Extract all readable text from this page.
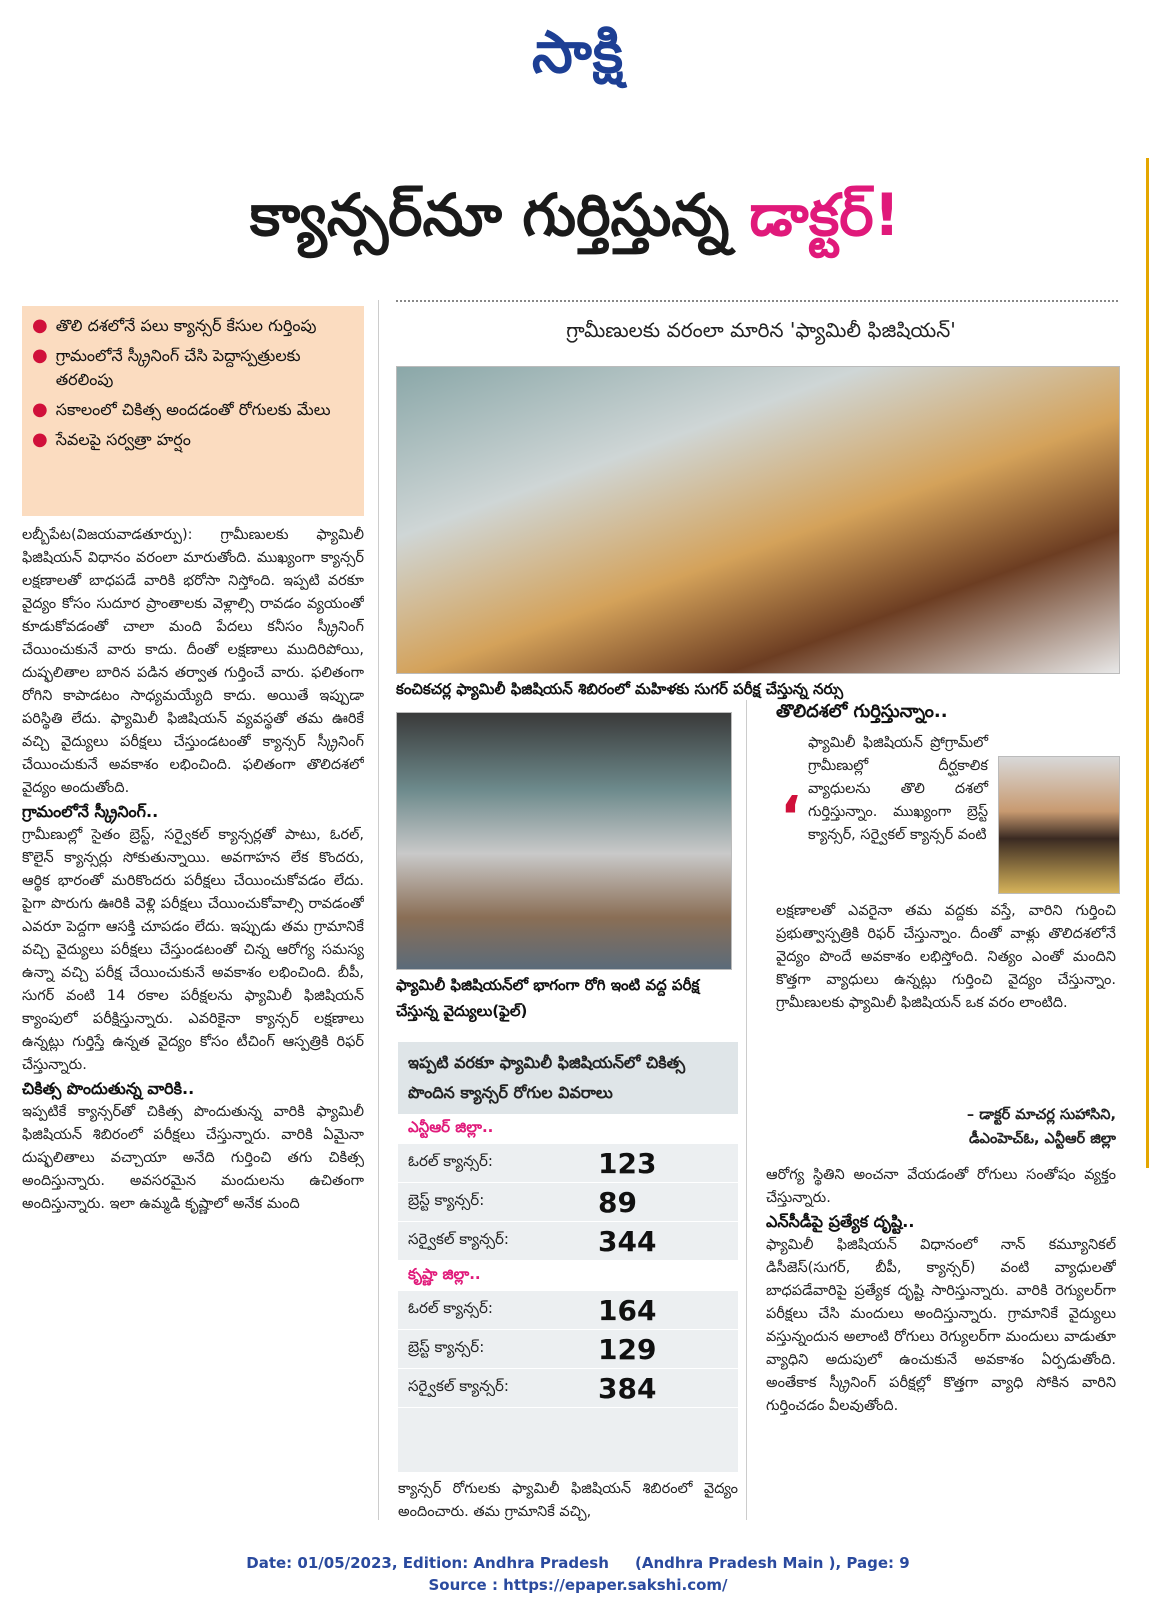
సాక్షి
క్యాన్సర్‌నూ గుర్తిస్తున్న డాక్టర్!
● తొలి దశలోనే పలు క్యాన్సర్ కేసుల గుర్తింపు
● గ్రామంలోనే స్క్రీనింగ్ చేసి పెద్దాస్పత్రులకు తరలింపు
● సకాలంలో చికిత్స అందడంతో రోగులకు మేలు
● సేవలపై సర్వత్రా హర్షం

లబ్బీపేట(విజయవాడతూర్పు): గ్రామీణులకు ఫ్యామిలీ ఫిజిషియన్ విధానం వరంలా మారుతోంది. ముఖ్యంగా క్యాన్సర్ లక్షణాలతో బాధపడే వారికి భరోసా నిస్తోంది. ఇప్పటి వరకూ వైద్యం కోసం సుదూర ప్రాంతాలకు వెళ్లాల్సి రావడం వ్యయంతో కూడుకోవడంతో చాలా మంది పేదలు కనీసం స్క్రీనింగ్ చేయించుకునే వారు కాదు. దీంతో లక్షణాలు ముదిరిపోయి, దుష్ఫలితాల బారిన పడిన తర్వాత గుర్తించే వారు. ఫలితంగా రోగిని కాపాడటం సాధ్యమయ్యేది కాదు. అయితే ఇప్పుడా పరిస్థితి లేదు. ఫ్యామిలీ ఫిజిషియన్ వ్యవస్థతో తమ ఊరికే వచ్చి వైద్యులు పరీక్షలు చేస్తుండటంతో క్యాన్సర్ స్క్రీనింగ్ చేయించుకునే అవకాశం లభించింది. ఫలితంగా తొలిదశలో వైద్యం అందుతోంది.

గ్రామంలోనే స్క్రీనింగ్..

గ్రామీణుల్లో సైతం బ్రెస్ట్, సర్వైకల్ క్యాన్సర్లతో పాటు, ఓరల్, కొలైన్ క్యాన్సర్లు సోకుతున్నాయి. అవగాహన లేక కొందరు, ఆర్థిక భారంతో మరికొందరు పరీక్షలు చేయించుకోవడం లేదు. పైగా పొరుగు ఊరికి వెళ్లి పరీక్షలు చేయించుకోవాల్సి రావడంతో ఎవరూ పెద్దగా ఆసక్తి చూపడం లేదు. ఇప్పుడు తమ గ్రామానికే వచ్చి వైద్యులు పరీక్షలు చేస్తుండటంతో చిన్న ఆరోగ్య సమస్య ఉన్నా వచ్చి పరీక్ష చేయించుకునే అవకాశం లభించింది. బీపీ, సుగర్ వంటి 14 రకాల పరీక్షలను ఫ్యామిలీ ఫిజిషియన్ క్యాంపులో పరీక్షిస్తున్నారు. ఎవరికైనా క్యాన్సర్ లక్షణాలు ఉన్నట్లు గుర్తిస్తే ఉన్నత వైద్యం కోసం టీచింగ్ ఆస్పత్రికి రిఫర్ చేస్తున్నారు.

చికిత్స పొందుతున్న వారికి..

ఇప్పటికే క్యాన్సర్‌తో చికిత్స పొందుతున్న వారికి ఫ్యామిలీ ఫిజిషియన్ శిబిరంలో పరీక్షలు చేస్తున్నారు. వారికి ఏమైనా దుష్ఫలితాలు వచ్చాయా అనేది గుర్తించి తగు చికిత్స అందిస్తున్నారు. అవసరమైన మందులను ఉచితంగా అందిస్తున్నారు. ఇలా ఉమ్మడి కృష్ణాలో అనేక మంది

గ్రామీణులకు వరంలా మారిన 'ఫ్యామిలీ ఫిజిషియన్'
కంచికచర్ల ఫ్యామిలీ ఫిజిషియన్ శిబిరంలో మహిళకు సుగర్ పరీక్ష చేస్తున్న నర్సు
ఫ్యామిలీ ఫిజిషియన్‌లో భాగంగా రోగి ఇంటి వద్ద పరీక్ష చేస్తున్న వైద్యులు(ఫైల్)
ఇప్పటి వరకూ ఫ్యామిలీ ఫిజిషియన్‌లో చికిత్స పొందిన క్యాన్సర్ రోగుల వివరాలు
ఎన్టీఆర్ జిల్లా..
ఓరల్ క్యాన్సర్:	123
బ్రెస్ట్ క్యాన్సర్:	89
సర్వైకల్ క్యాన్సర్:	344
కృష్ణా జిల్లా..
ఓరల్ క్యాన్సర్:	164
బ్రెస్ట్ క్యాన్సర్:	129
సర్వైకల్ క్యాన్సర్:	384
క్యాన్సర్ రోగులకు ఫ్యామిలీ ఫిజిషియన్ శిబిరంలో వైద్యం అందించారు. తమ గ్రామానికే వచ్చి,
తొలిదశలో గుర్తిస్తున్నాం..
‘
ఫ్యామిలీ ఫిజిషియన్ ప్రోగ్రామ్‌లో గ్రామీణుల్లో దీర్ఘకాలిక వ్యాధులను తొలి దశలో గుర్తిస్తున్నాం. ముఖ్యంగా బ్రెస్ట్ క్యాన్సర్, సర్వైకల్ క్యాన్సర్ వంటి
లక్షణాలతో ఎవరైనా తమ వద్దకు వస్తే, వారిని గుర్తించి ప్రభుత్వాస్పత్రికి రిఫర్ చేస్తున్నాం. దీంతో వాళ్లు తొలిదశలోనే వైద్యం పొందే అవకాశం లభిస్తోంది. నిత్యం ఎంతో మందిని కొత్తగా వ్యాధులు ఉన్నట్లు గుర్తించి వైద్యం చేస్తున్నాం. గ్రామీణులకు ఫ్యామిలీ ఫిజిషియన్ ఒక వరం లాంటిది.
– డాక్టర్ మాచర్ల సుహాసిని,
డీఎంహెచ్‌ఓ, ఎన్టీఆర్ జిల్లా

ఆరోగ్య స్థితిని అంచనా వేయడంతో రోగులు సంతోషం వ్యక్తం చేస్తున్నారు.

ఎన్‌సీడీపై ప్రత్యేక దృష్టి..

ఫ్యామిలీ ఫిజిషియన్ విధానంలో నాన్ కమ్యూనికల్ డిసీజెస్(సుగర్, బీపీ, క్యాన్సర్) వంటి వ్యాధులతో బాధపడేవారిపై ప్రత్యేక దృష్టి సారిస్తున్నారు. వారికి రెగ్యులర్‌గా పరీక్షలు చేసి మందులు అందిస్తున్నారు. గ్రామానికే వైద్యులు వస్తున్నందున అలాంటి రోగులు రెగ్యులర్‌గా మందులు వాడుతూ వ్యాధిని అదుపులో ఉంచుకునే అవకాశం ఏర్పడుతోంది. అంతేకాక స్క్రీనింగ్ పరీక్షల్లో కొత్తగా వ్యాధి సోకిన వారిని గుర్తించడం వీలవుతోంది.

Date: 01/05/2023, Edition: Andhra Pradesh     (Andhra Pradesh Main ), Page: 9
Source : https://epaper.sakshi.com/
